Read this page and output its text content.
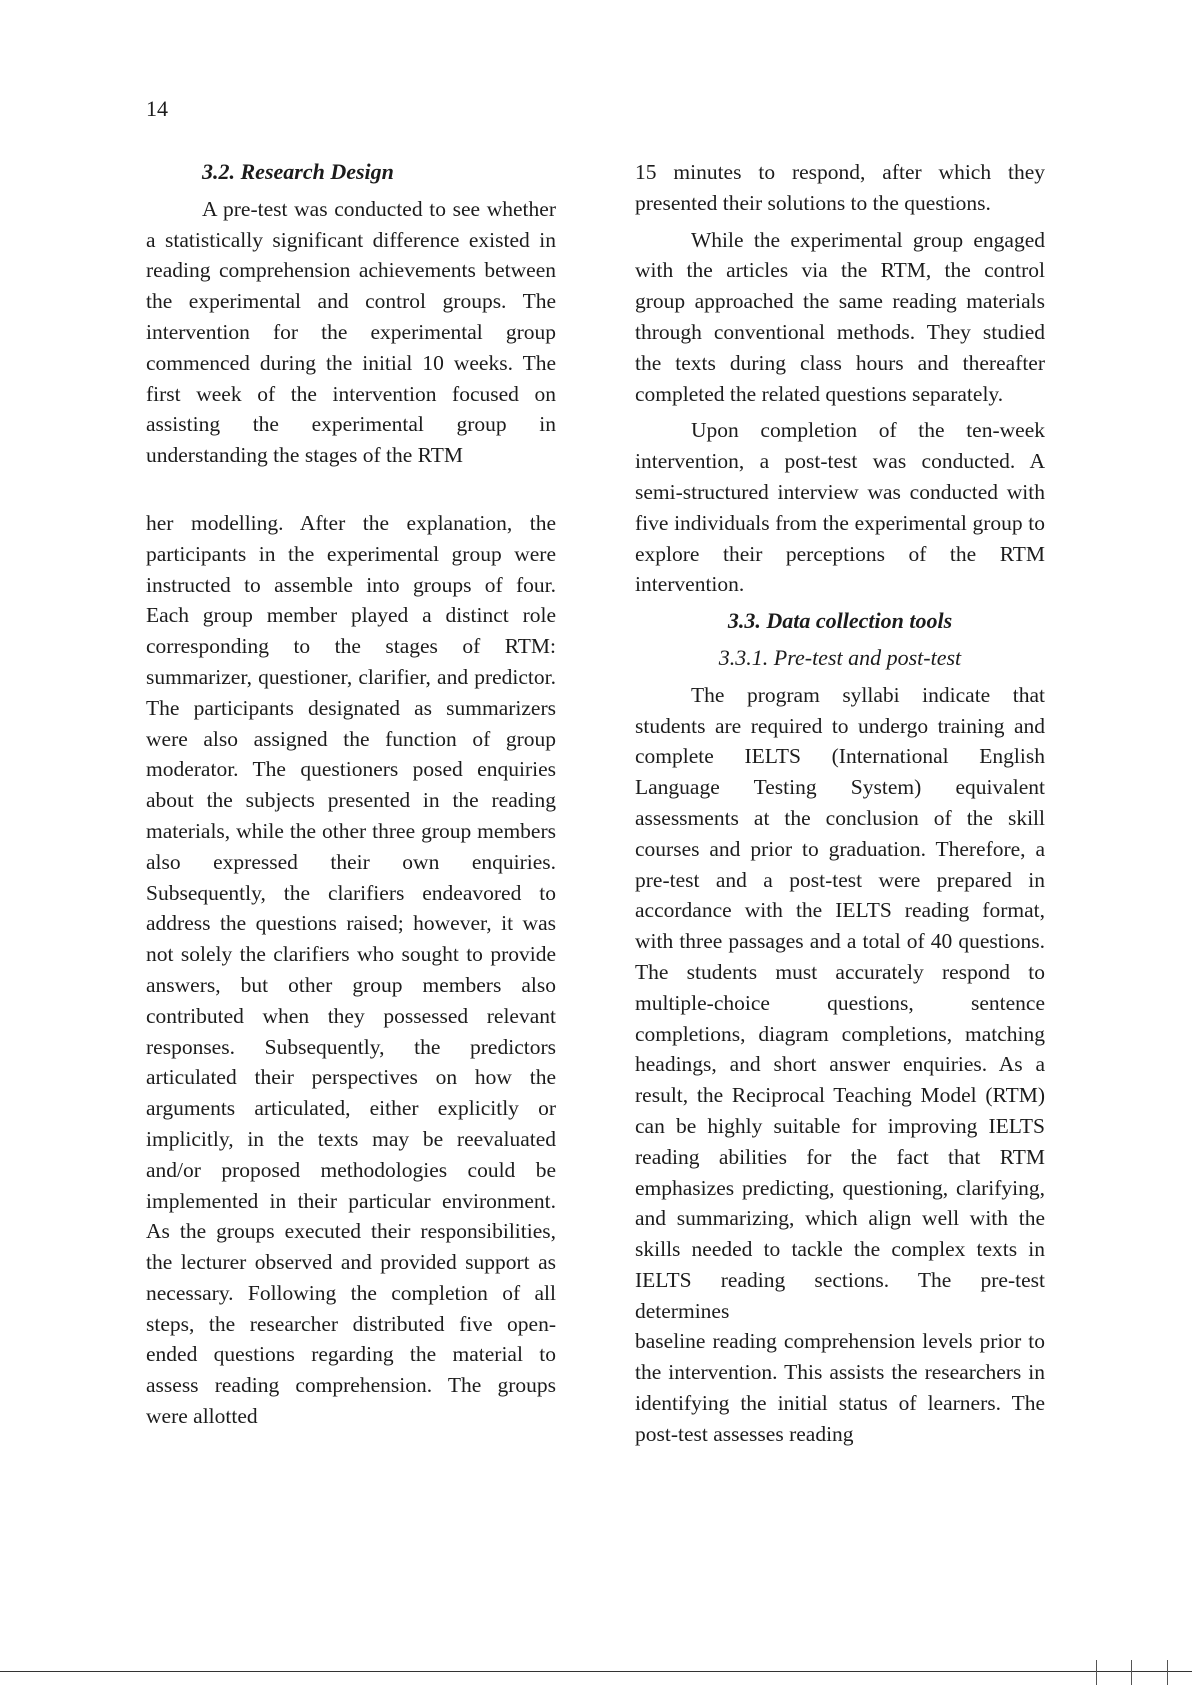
14
3.2. Research Design

A pre-test was conducted to see whether a statistically significant difference existed in reading comprehension achievements between the experimental and control groups. The intervention for the experimental group commenced during the initial 10 weeks. The first week of the intervention focused on assisting the experimental group in understanding the stages of the RTM

her modelling. After the explanation, the participants in the experimental group were instructed to assemble into groups of four. Each group member played a distinct role corresponding to the stages of RTM: summarizer, questioner, clarifier, and predictor. The participants designated as summarizers were also assigned the function of group moderator. The questioners posed enquiries about the subjects presented in the reading materials, while the other three group members also expressed their own enquiries. Subsequently, the clarifiers endeavored to address the questions raised; however, it was not solely the clarifiers who sought to provide answers, but other group members also contributed when they possessed relevant responses. Subsequently, the predictors articulated their perspectives on how the arguments articulated, either explicitly or implicitly, in the texts may be reevaluated and/or proposed methodologies could be implemented in their particular environment. As the groups executed their responsibilities, the lecturer observed and provided support as necessary. Following the completion of all steps, the researcher distributed five open-ended questions regarding the material to assess reading comprehension. The groups were allotted

15 minutes to respond, after which they presented their solutions to the questions.

While the experimental group engaged with the articles via the RTM, the control group approached the same reading materials through conventional methods. They studied the texts during class hours and thereafter completed the related questions separately.

Upon completion of the ten-week intervention, a post-test was conducted. A semi-structured interview was conducted with five individuals from the experimental group to explore their perceptions of the RTM intervention.

3.3. Data collection tools
3.3.1. Pre-test and post-test

The program syllabi indicate that students are required to undergo training and complete IELTS (International English Language Testing System) equivalent assessments at the conclusion of the skill courses and prior to graduation. Therefore, a pre-test and a post-test were prepared in accordance with the IELTS reading format, with three passages and a total of 40 questions. The students must accurately respond to multiple-choice questions, sentence completions, diagram completions, matching headings, and short answer enquiries. As a result, the Reciprocal Teaching Model (RTM) can be highly suitable for improving IELTS reading abilities for the fact that RTM emphasizes predicting, questioning, clarifying, and summarizing, which align well with the skills needed to tackle the complex texts in IELTS reading sections. The pre-test determines

baseline reading comprehension levels prior to the intervention. This assists the researchers in identifying the initial status of learners. The post-test assesses reading
